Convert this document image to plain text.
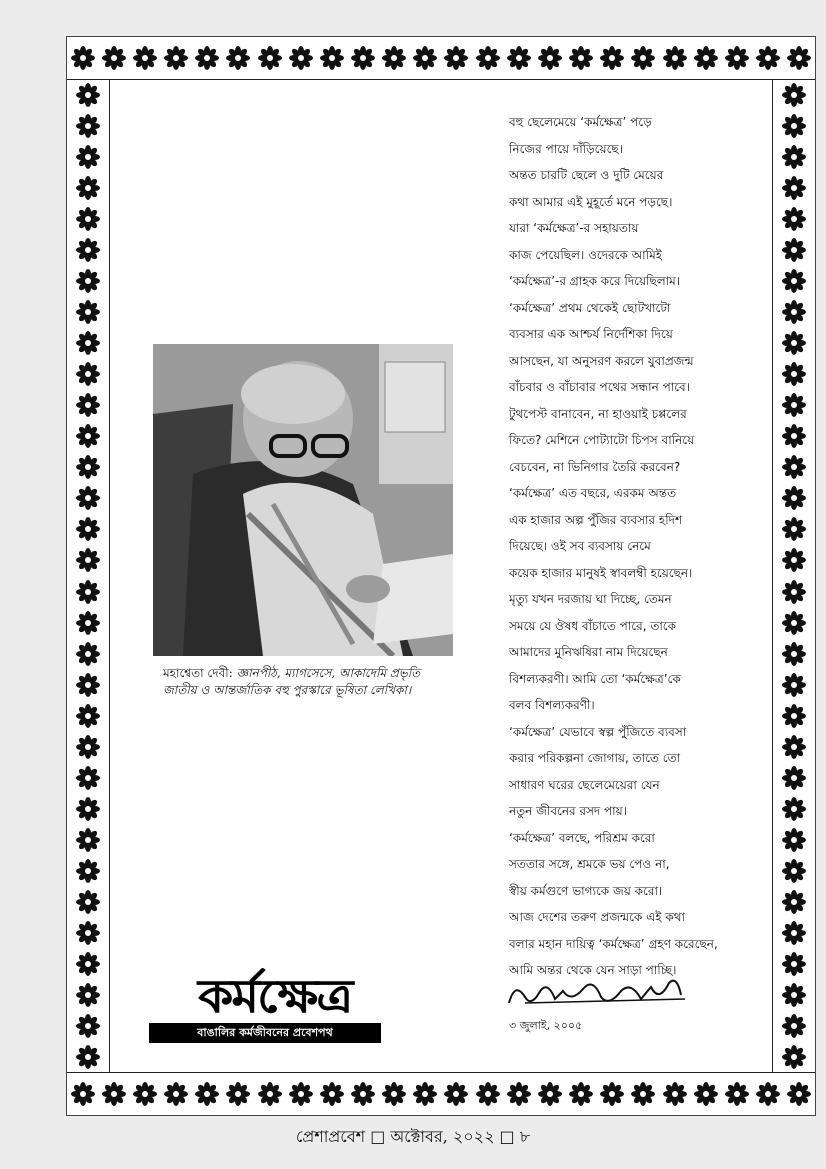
মহাশ্বেতা দেবী: জ্ঞানপীঠ, ম্যাগসেসে, আকাদেমি প্রভৃতি
জাতীয় ও আন্তর্জাতিক বহু পুরস্কারে ভূষিতা লেখিকা।
বহু ছেলেমেয়ে ‘কর্মক্ষেত্র’ পড়ে
নিজের পায়ে দাঁড়িয়েছে।
অন্তত চারটি ছেলে ও দুটি মেয়ের
কথা আমার এই মুহূর্তে মনে পড়ছে।
যারা ‘কর্মক্ষেত্র’-র সহায়তায়
কাজ পেয়েছিল। ওদেরকে আমিই
‘কর্মক্ষেত্র’-র গ্রাহক করে দিয়েছিলাম।
‘কর্মক্ষেত্র’ প্রথম থেকেই ছোটখাটো
ব্যবসার এক আশ্চর্য নির্দেশিকা দিয়ে
আসছেন, যা অনুসরণ করলে যুবাপ্রজন্ম
বাঁচবার ও বাঁচাবার পথের সন্ধান পাবে।
টুথপেস্ট বানাবেন, না হাওয়াই চপ্পলের
ফিতে? মেশিনে পোট্যাটো চিপস বানিয়ে
বেচবেন, না ভিনিগার তৈরি করবেন?
‘কর্মক্ষেত্র’ এত বছরে, এরকম অন্তত
এক হাজার অল্প পুঁজির ব্যবসার হদিশ
দিয়েছে। ওই সব ব্যবসায় নেমে
কয়েক হাজার মানুষই স্বাবলম্বী হয়েছেন।
মৃত্যু যখন দরজায় ঘা দিচ্ছে, তেমন
সময়ে যে ঔষধ বাঁচাতে পারে, তাকে
আমাদের মুনিঋষিরা নাম দিয়েছেন
বিশল্যকরণী। আমি তো ‘কর্মক্ষেত্র’কে
বলব বিশল্যকরণী।
‘কর্মক্ষেত্র’ যেভাবে স্বল্প পুঁজিতে ব্যবসা
করার পরিকল্পনা জোগায়, তাতে তো
সাধারণ ঘরের ছেলেমেয়েরা যেন
নতুন জীবনের রসদ পায়।
‘কর্মক্ষেত্র’ বলছে, পরিশ্রম করো
সততার সঙ্গে, শ্রমকে ভয় পেও না,
স্বীয় কর্মগুণে ভাগ্যকে জয় করো।
আজ দেশের তরুণ প্রজন্মকে এই কথা
বলার মহান দায়িত্ব ‘কর্মক্ষেত্র’ গ্রহণ করেছেন,
আমি অন্তর থেকে যেন সাড়া পাচ্ছি।
৩ জুলাই, ২০০৫
কর্মক্ষেত্র
বাঙালির কর্মজীবনের প্রবেশপথ
প্রেশাপ্রবেশ □ অক্টোবর, ২০২২ □ ৮
